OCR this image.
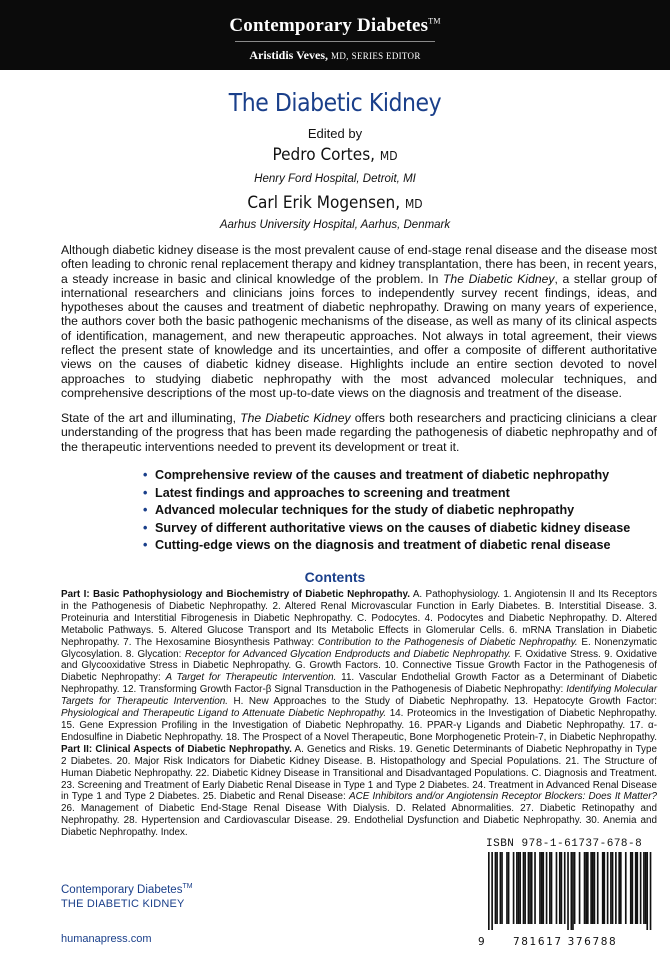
Contemporary Diabetes™
Aristidis Veves, MD, SERIES EDITOR
The Diabetic Kidney
Edited by
Pedro Cortes, MD
Henry Ford Hospital, Detroit, MI
Carl Erik Mogensen, MD
Aarhus University Hospital, Aarhus, Denmark

Although diabetic kidney disease is the most prevalent cause of end-stage renal disease and the disease most often leading to chronic renal replacement therapy and kidney transplantation, there has been, in recent years, a steady increase in basic and clinical knowledge of the problem. In The Diabetic Kidney, a stellar group of international researchers and clinicians joins forces to independently survey recent findings, ideas, and hypotheses about the causes and treatment of diabetic nephropathy. Drawing on many years of experience, the authors cover both the basic pathogenic mechanisms of the disease, as well as many of its clinical aspects of identification, management, and new therapeutic approaches. Not always in total agreement, their views reflect the present state of knowledge and its uncertainties, and offer a composite of different authoritative views on the causes of diabetic kidney disease. Highlights include an entire section devoted to novel approaches to studying diabetic nephropathy with the most advanced molecular techniques, and comprehensive descriptions of the most up-to-date views on the diagnosis and treatment of the disease.

State of the art and illuminating, The Diabetic Kidney offers both researchers and practicing clinicians a clear understanding of the progress that has been made regarding the pathogenesis of diabetic nephropathy and of the therapeutic interventions needed to prevent its development or treat it.

• Comprehensive review of the causes and treatment of diabetic nephropathy
• Latest findings and approaches to screening and treatment
• Advanced molecular techniques for the study of diabetic nephropathy
• Survey of different authoritative views on the causes of diabetic kidney disease
• Cutting-edge views on the diagnosis and treatment of diabetic renal disease
Contents

Part I: Basic Pathophysiology and Biochemistry of Diabetic Nephropathy. A. Pathophysiology. 1. Angiotensin II and Its Receptors in the Pathogenesis of Diabetic Nephropathy. 2. Altered Renal Microvascular Function in Early Diabetes. B. Interstitial Disease. 3. Proteinuria and Interstitial Fibrogenesis in Diabetic Nephropathy. C. Podocytes. 4. Podocytes and Diabetic Nephropathy. D. Altered Metabolic Pathways. 5. Altered Glucose Transport and Its Metabolic Effects in Glomerular Cells. 6. mRNA Translation in Diabetic Nephropathy. 7. The Hexosamine Biosynthesis Pathway: Contribution to the Pathogenesis of Diabetic Nephropathy. E. Nonenzymatic Glycosylation. 8. Glycation: Receptor for Advanced Glycation Endproducts and Diabetic Nephropathy. F. Oxidative Stress. 9. Oxidative and Glycooxidative Stress in Diabetic Nephropathy. G. Growth Factors. 10. Connective Tissue Growth Factor in the Pathogenesis of Diabetic Nephropathy: A Target for Therapeutic Intervention. 11. Vascular Endothelial Growth Factor as a Determinant of Diabetic Nephropathy. 12. Transforming Growth Factor-β Signal Transduction in the Pathogenesis of Diabetic Nephropathy: Identifying Molecular Targets for Therapeutic Intervention. H. New Approaches to the Study of Diabetic Nephropathy. 13. Hepatocyte Growth Factor: Physiological and Therapeutic Ligand to Attenuate Diabetic Nephropathy. 14. Proteomics in the Investigation of Diabetic Nephropathy. 15. Gene Expression Profiling in the Investigation of Diabetic Nephropathy. 16. PPAR-γ Ligands and Diabetic Nephropathy. 17. α-Endosulfine in Diabetic Nephropathy. 18. The Prospect of a Novel Therapeutic, Bone Morphogenetic Protein-7, in Diabetic Nephropathy. Part II: Clinical Aspects of Diabetic Nephropathy. A. Genetics and Risks. 19. Genetic Determinants of Diabetic Nephropathy in Type 2 Diabetes. 20. Major Risk Indicators for Diabetic Kidney Disease. B. Histopathology and Special Populations. 21. The Structure of Human Diabetic Nephropathy. 22. Diabetic Kidney Disease in Transitional and Disadvantaged Populations. C. Diagnosis and Treatment. 23. Screening and Treatment of Early Diabetic Renal Disease in Type 1 and Type 2 Diabetes. 24. Treatment in Advanced Renal Disease in Type 1 and Type 2 Diabetes. 25. Diabetic and Renal Disease: ACE Inhibitors and/or Angiotensin Receptor Blockers: Does It Matter? 26. Management of Diabetic End-Stage Renal Disease With Dialysis. D. Related Abnormalities. 27. Diabetic Retinopathy and Nephropathy. 28. Hypertension and Cardiovascular Disease. 29. Endothelial Dysfunction and Diabetic Nephropathy. 30. Anemia and Diabetic Nephropathy. Index.

Contemporary Diabetes™
THE DIABETIC KIDNEY
humanapress.com
ISBN 978-1-61737-678-8
9	781617 376788
